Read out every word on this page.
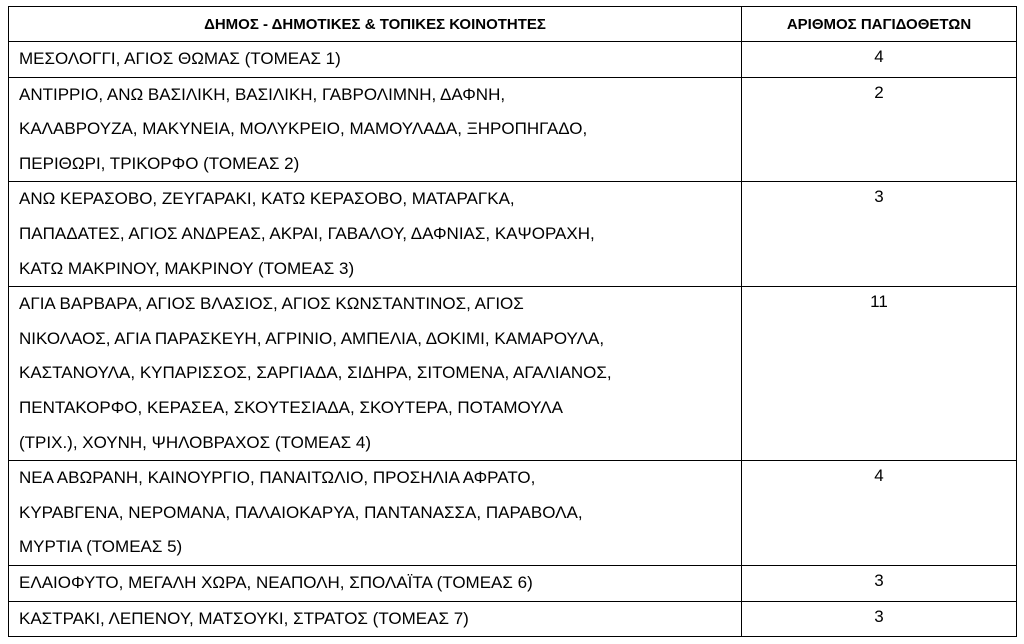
ΔΗΜΟΣ - ΔΗΜΟΤΙΚΕΣ & ΤΟΠΙΚΕΣ ΚΟΙΝΟΤΗΤΕΣ	ΑΡΙΘΜΟΣ ΠΑΓΙΔΟΘΕΤΩΝ

ΜΕΣΟΛΟΓΓΙ, ΑΓΙΟΣ ΘΩΜΑΣ (ΤΟΜΕΑΣ 1)	4

ΑΝΤΙΡΡΙΟ, ΑΝΩ ΒΑΣΙΛΙΚΗ, ΒΑΣΙΛΙΚΗ, ΓΑΒΡΟΛΙΜΝΗ, ΔΑΦΝΗ,
ΚΑΛΑΒΡΟΥΖΑ, ΜΑΚΥΝΕΙΑ, ΜΟΛΥΚΡΕΙΟ, ΜΑΜΟΥΛΑΔΑ, ΞΗΡΟΠΗΓΑΔΟ,
ΠΕΡΙΘΩΡΙ, ΤΡΙΚΟΡΦΟ (ΤΟΜΕΑΣ 2)	2

ΑΝΩ ΚΕΡΑΣΟΒΟ, ΖΕΥΓΑΡΑΚΙ, ΚΑΤΩ ΚΕΡΑΣΟΒΟ, ΜΑΤΑΡΑΓΚΑ,
ΠΑΠΑΔΑΤΕΣ, ΑΓΙΟΣ ΑΝΔΡΕΑΣ, ΑΚΡΑΙ, ΓΑΒΑΛΟΥ, ΔΑΦΝΙΑΣ, ΚΑΨΟΡΑΧΗ,
ΚΑΤΩ ΜΑΚΡΙΝΟΥ, ΜΑΚΡΙΝΟΥ (ΤΟΜΕΑΣ 3)	3

ΑΓΙΑ ΒΑΡΒΑΡΑ, ΑΓΙΟΣ ΒΛΑΣΙΟΣ, ΑΓΙΟΣ ΚΩΝΣΤΑΝΤΙΝΟΣ, ΑΓΙΟΣ
ΝΙΚΟΛΑΟΣ, ΑΓΙΑ ΠΑΡΑΣΚΕΥΗ, ΑΓΡΙΝΙΟ, ΑΜΠΕΛΙΑ, ΔΟΚΙΜΙ, ΚΑΜΑΡΟΥΛΑ,
ΚΑΣΤΑΝΟΥΛΑ, ΚΥΠΑΡΙΣΣΟΣ, ΣΑΡΓΙΑΔΑ, ΣΙΔΗΡΑ, ΣΙΤΟΜΕΝΑ, ΑΓΑΛΙΑΝΟΣ,
ΠΕΝΤΑΚΟΡΦΟ, ΚΕΡΑΣΕΑ, ΣΚΟΥΤΕΣΙΑΔΑ, ΣΚΟΥΤΕΡΑ, ΠΟΤΑΜΟΥΛΑ
(ΤΡΙΧ.), ΧΟΥΝΗ, ΨΗΛΟΒΡΑΧΟΣ (ΤΟΜΕΑΣ 4)	11

ΝΕΑ ΑΒΩΡΑΝΗ, ΚΑΙΝΟΥΡΓΙΟ, ΠΑΝΑΙΤΩΛΙΟ, ΠΡΟΣΗΛΙΑ ΑΦΡΑΤΟ,
ΚΥΡΑΒΓΕΝΑ, ΝΕΡΟΜΑΝΑ, ΠΑΛΑΙΟΚΑΡΥΑ, ΠΑΝΤΑΝΑΣΣΑ, ΠΑΡΑΒΟΛΑ,
ΜΥΡΤΙΑ (ΤΟΜΕΑΣ 5)	4

ΕΛΑΙΟΦΥΤΟ, ΜΕΓΑΛΗ ΧΩΡΑ, ΝΕΑΠΟΛΗ, ΣΠΟΛΑΪΤΑ (ΤΟΜΕΑΣ 6)	3

ΚΑΣΤΡΑΚΙ, ΛΕΠΕΝΟΥ, ΜΑΤΣΟΥΚΙ, ΣΤΡΑΤΟΣ (ΤΟΜΕΑΣ 7)	3
